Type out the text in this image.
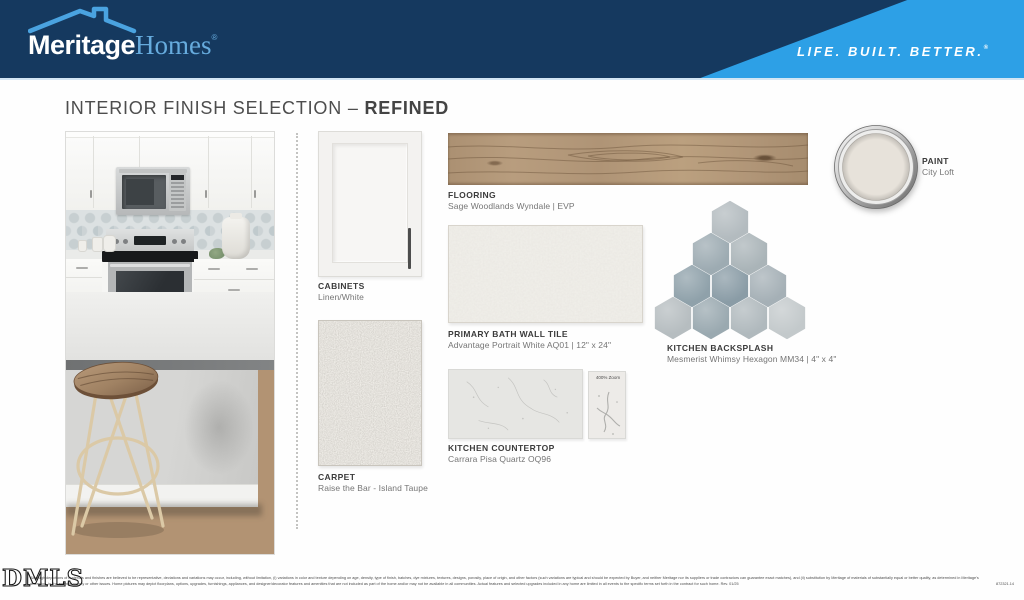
MeritageHomes®
LIFE. BUILT. BETTER.®
INTERIOR FINISH SELECTION – REFINED
CABINETS
Linen/White
FLOORING
Sage Woodlands Wyndale | EVP
PRIMARY BATH WALL TILE
Advantage Portrait White AQ01 | 12" x 24"	KITCHEN BACKSPLASH
Mesmerist Whimsy Hexagon MM34 | 4" x 4"
CARPET
Raise the Bar - Island Taupe
400% Zoom
KITCHEN COUNTERTOP
Carrara Pisa Quartz OQ96
PAINT
City Loft
DMLS
Although depictions of materials and finishes are believed to be representative, deviations and variations may occur, including, without limitation, (i) variations in color and texture depending on age, density, type of finish, batches, dye mixtures, textures, designs, porosity, place of origin, and other factors (such variations are typical and should be expected by Buyer, and neither Meritage nor its suppliers or trade contractors can guarantee exact matches), and (ii) substitution by Meritage of materials of substantially equal or better quality, as determined in Meritage's
872321.14
discretion, in the event of supply or other issues. Home pictures may depict floorplans, options, upgrades, furnishings, appliances, and designer/decorator features and amenities that are not included as part of the home and/or may not be available in all communities. Actual features and selected upgrades included in any home are limited in all events to the specific terms set forth in the contract for such home. Rev. 01/25
